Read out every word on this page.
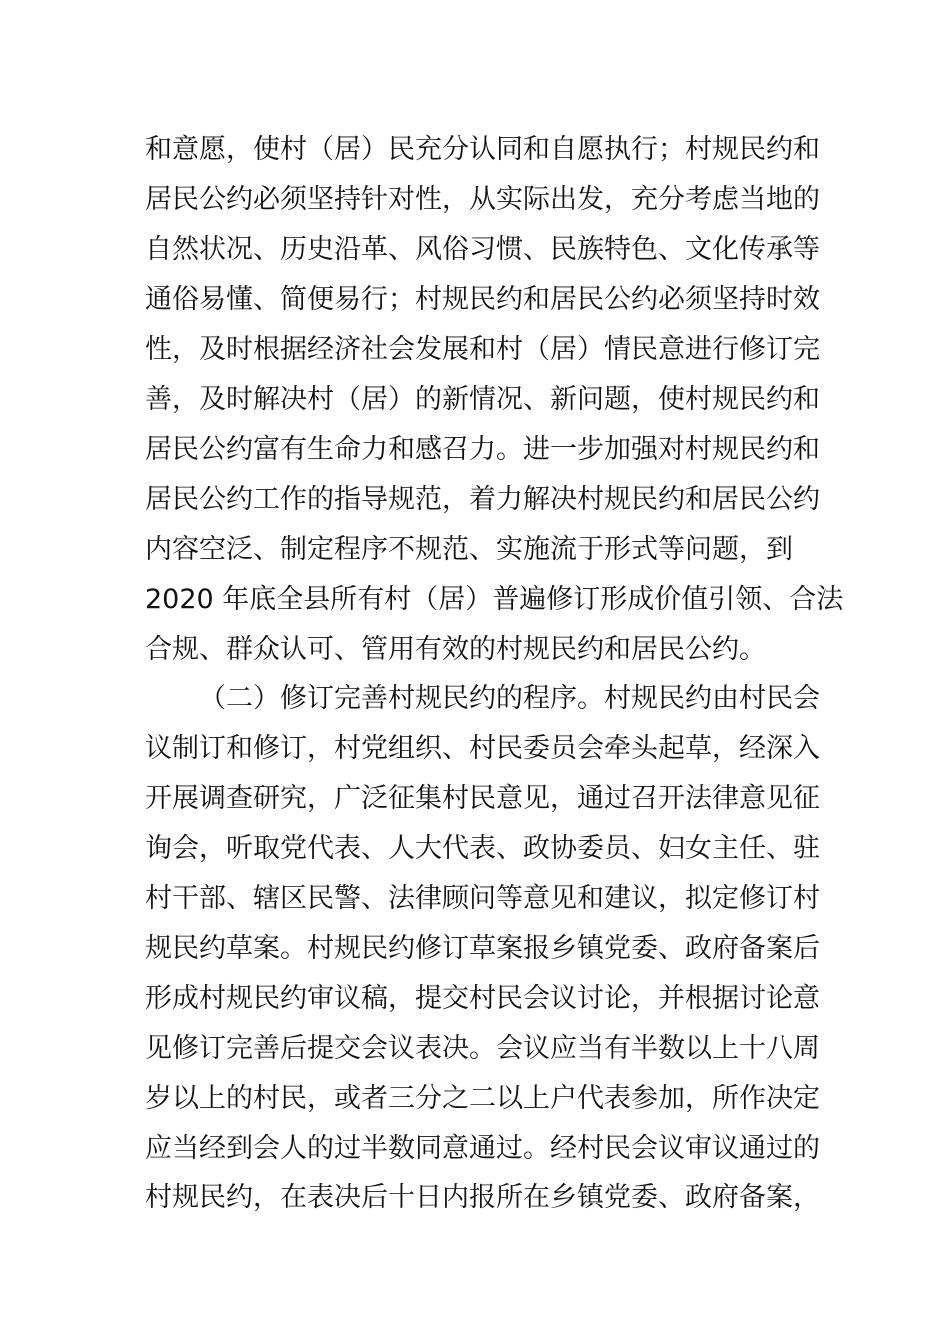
和意愿，使村（居）民充分认同和自愿执行；村规民约和
居民公约必须坚持针对性，从实际出发，充分考虑当地的
自然状况、历史沿革、风俗习惯、民族特色、文化传承等
通俗易懂、简便易行；村规民约和居民公约必须坚持时效
性，及时根据经济社会发展和村（居）情民意进行修订完
善，及时解决村（居）的新情况、新问题，使村规民约和
居民公约富有生命力和感召力。进一步加强对村规民约和
居民公约工作的指导规范，着力解决村规民约和居民公约
内容空泛、制定程序不规范、实施流于形式等问题，到
2020 年底全县所有村（居）普遍修订形成价值引领、合法
合规、群众认可、管用有效的村规民约和居民公约。
（二）修订完善村规民约的程序。村规民约由村民会
议制订和修订，村党组织、村民委员会牵头起草，经深入
开展调查研究，广泛征集村民意见，通过召开法律意见征
询会，听取党代表、人大代表、政协委员、妇女主任、驻
村干部、辖区民警、法律顾问等意见和建议，拟定修订村
规民约草案。村规民约修订草案报乡镇党委、政府备案后
形成村规民约审议稿，提交村民会议讨论，并根据讨论意
见修订完善后提交会议表决。会议应当有半数以上十八周
岁以上的村民，或者三分之二以上户代表参加，所作决定
应当经到会人的过半数同意通过。经村民会议审议通过的
村规民约，在表决后十日内报所在乡镇党委、政府备案，
